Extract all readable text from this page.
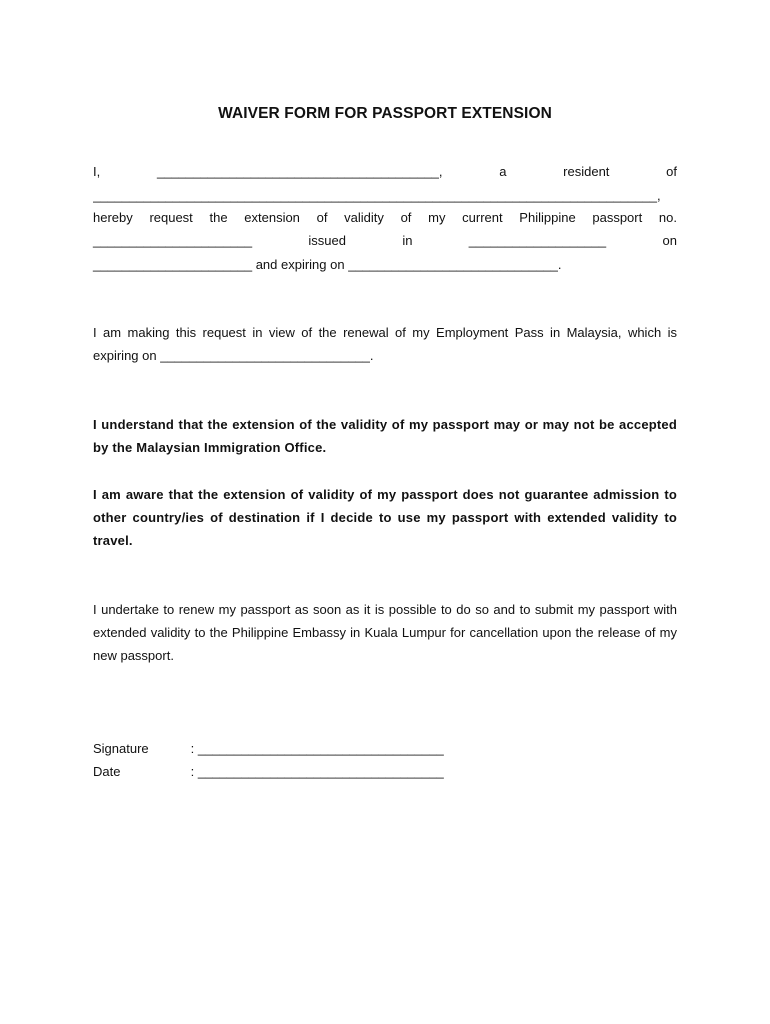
WAIVER FORM FOR PASSPORT EXTENSION
I,	_______________________________________,	a	resident	of
______________________________________________________________________________,
hereby request the extension of validity of my current Philippine passport no.
______________________	issued	in	___________________	on
______________________ and expiring on _____________________________.
I am making this request in view of the renewal of my Employment Pass in Malaysia, which is expiring on _____________________________.
I understand that the extension of the validity of my passport may or may not be accepted by the Malaysian Immigration Office.
I am aware that the extension of validity of my passport does not guarantee admission to other country/ies of destination if I decide to use my passport with extended validity to travel.
I undertake to renew my passport as soon as it is possible to do so and to submit my passport with extended validity to the Philippine Embassy in Kuala Lumpur for cancellation upon the release of my new passport.
Signature	: __________________________________
Date	: __________________________________
